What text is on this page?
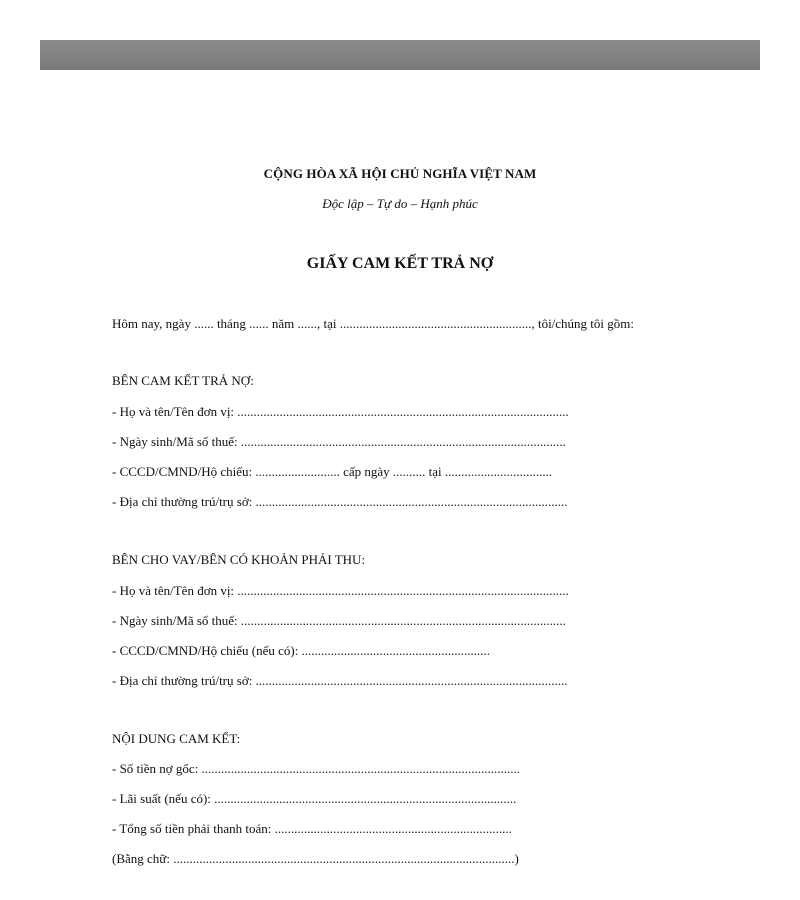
CỘNG HÒA XÃ HỘI CHỦ NGHĨA VIỆT NAM
Độc lập – Tự do – Hạnh phúc
GIẤY CAM KẾT TRẢ NỢ
Hôm nay, ngày ...... tháng ...... năm ......, tại ..........................................................., tôi/chúng tôi gồm:
BÊN CAM KẾT TRẢ NỢ:
- Họ và tên/Tên đơn vị: ......................................................................................................
- Ngày sinh/Mã số thuế: ....................................................................................................
- CCCD/CMND/Hộ chiếu: .......................... cấp ngày .......... tại .................................
- Địa chỉ thường trú/trụ sở: ................................................................................................
BÊN CHO VAY/BÊN CÓ KHOẢN PHẢI THU:
- Họ và tên/Tên đơn vị: ......................................................................................................
- Ngày sinh/Mã số thuế: ....................................................................................................
- CCCD/CMND/Hộ chiếu (nếu có): ..........................................................
- Địa chỉ thường trú/trụ sở: ................................................................................................
NỘI DUNG CAM KẾT:
- Số tiền nợ gốc: ..................................................................................................
- Lãi suất (nếu có): .............................................................................................
- Tổng số tiền phải thanh toán: .........................................................................
(Bằng chữ: .........................................................................................................)
